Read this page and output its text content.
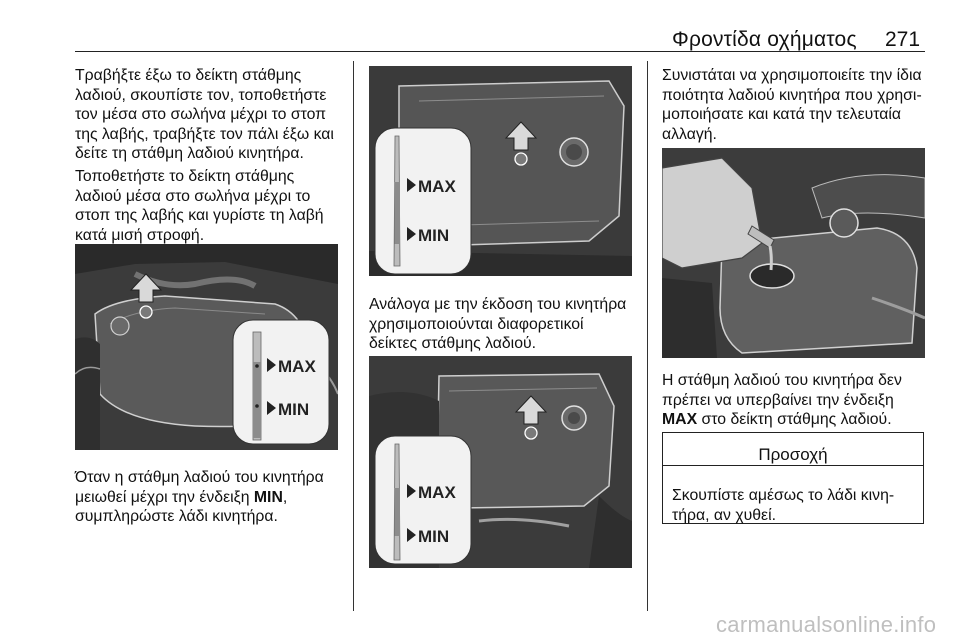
Φροντίδα οχήματος 271

Τραβήξτε έξω το δείκτη στάθμης
λαδιού, σκουπίστε τον, τοποθετήστε
τον μέσα στο σωλήνα μέχρι το στοπ
της λαβής, τραβήξτε τον πάλι έξω και
δείτε τη στάθμη λαδιού κινητήρα.

Τοποθετήστε το δείκτη στάθμης
λαδιού μέσα στο σωλήνα μέχρι το
στοπ της λαβής και γυρίστε τη λαβή
κατά μισή στροφή.

MAX
MIN

Όταν η στάθμη λαδιού του κινητήρα
μειωθεί μέχρι την ένδειξη MIN,
συμπληρώστε λάδι κινητήρα.

MAX
MIN

Ανάλογα με την έκδοση του κινητήρα
χρησιμοποιούνται διαφορετικοί
δείκτες στάθμης λαδιού.

MAX
MIN

Συνιστάται να χρησιμοποιείτε την ίδια
ποιότητα λαδιού κινητήρα που χρησι‐
μοποιήσατε και κατά την τελευταία
αλλαγή.

Η στάθμη λαδιού του κινητήρα δεν
πρέπει να υπερβαίνει την ένδειξη
MAX στο δείκτη στάθμης λαδιού.

Προσοχή
Σκουπίστε αμέσως το λάδι κινη‐
τήρα, αν χυθεί.
carmanualsonline.info
